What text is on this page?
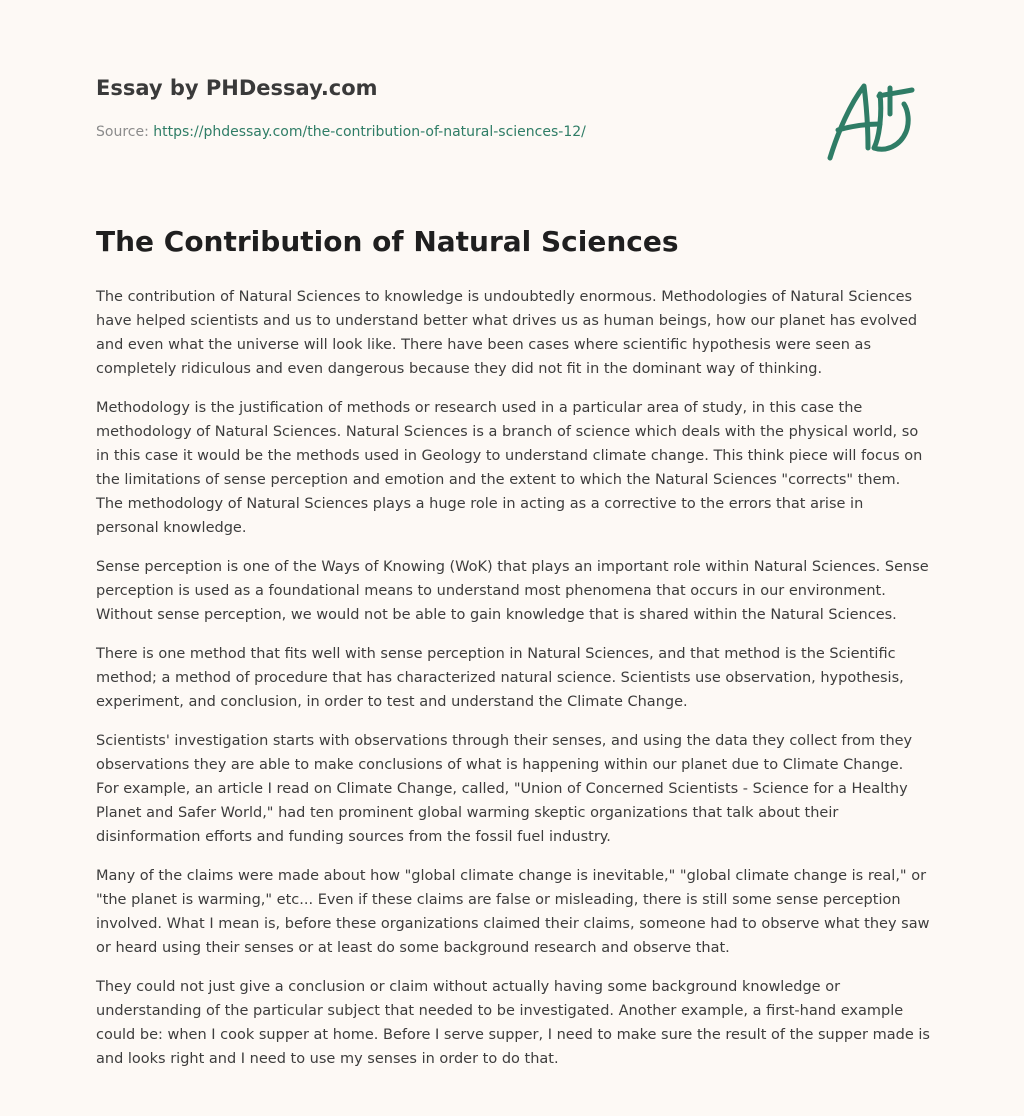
Essay by PHDessay.com
Source: https://phdessay.com/the-contribution-of-natural-sciences-12/
The Contribution of Natural Sciences

The contribution of Natural Sciences to knowledge is undoubtedly enormous. Methodologies of Natural Sciences have helped scientists and us to understand better what drives us as human beings, how our planet has evolved and even what the universe will look like. There have been cases where scientific hypothesis were seen as completely ridiculous and even dangerous because they did not fit in the dominant way of thinking.

Methodology is the justification of methods or research used in a particular area of study, in this case the methodology of Natural Sciences. Natural Sciences is a branch of science which deals with the physical world, so in this case it would be the methods used in Geology to understand climate change. This think piece will focus on the limitations of sense perception and emotion and the extent to which the Natural Sciences "corrects" them. The methodology of Natural Sciences plays a huge role in acting as a corrective to the errors that arise in personal knowledge.

Sense perception is one of the Ways of Knowing (WoK) that plays an important role within Natural Sciences. Sense perception is used as a foundational means to understand most phenomena that occurs in our environment. Without sense perception, we would not be able to gain knowledge that is shared within the Natural Sciences.

There is one method that fits well with sense perception in Natural Sciences, and that method is the Scientific method; a method of procedure that has characterized natural science. Scientists use observation, hypothesis, experiment, and conclusion, in order to test and understand the Climate Change.

Scientists' investigation starts with observations through their senses, and using the data they collect from they observations they are able to make conclusions of what is happening within our planet due to Climate Change. For example, an article I read on Climate Change, called, "Union of Concerned Scientists - Science for a Healthy Planet and Safer World," had ten prominent global warming skeptic organizations that talk about their disinformation efforts and funding sources from the fossil fuel industry.

Many of the claims were made about how "global climate change is inevitable," "global climate change is real," or "the planet is warming," etc... Even if these claims are false or misleading, there is still some sense perception involved. What I mean is, before these organizations claimed their claims, someone had to observe what they saw or heard using their senses or at least do some background research and observe that.

They could not just give a conclusion or claim without actually having some background knowledge or understanding of the particular subject that needed to be investigated. Another example, a first-hand example could be: when I cook supper at home. Before I serve supper, I need to make sure the result of the supper made is and looks right and I need to use my senses in order to do that.
